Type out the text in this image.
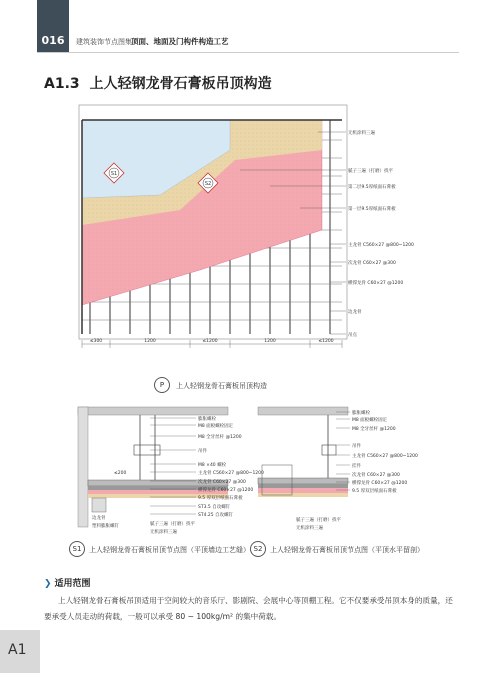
016	建筑装饰节点图集 顶面、地面及门构件构造工艺
A1.3 上人轻钢龙骨石膏板吊顶构造
S1
S2
无机涂料三遍
腻子三遍（打磨）找平
第二层9.5厚纸面石膏板
第一层9.5厚纸面石膏板
主龙骨 C560×27 @800~1200
次龙骨 C60×27 @300
横撑龙骨 C60×27 @1200
边龙骨
吊点
≤300	1200	≤1200	1200	≤1200
膨胀螺栓
M8 面板螺栓固定
M8 全牙丝杆 @1200
吊件
M8 ×40 螺栓
主龙骨 C560×27 @800~1200
次龙骨 C60×27 @300
横撑龙骨 C60×27 @1200
9.5 厚双层纸面石膏板
ST3.5 自攻螺钉
ST4.25 自攻螺钉
腻子三遍（打磨）找平
无机涂料三遍
边龙骨
塑料膨胀螺钉
≤200
膨胀螺栓
M8 面板螺栓固定
M8 全牙丝杆 @1200
吊件
主龙骨 C560×27 @800~1200
挂件
次龙骨 C60×27 @300
横撑龙骨 C60×27 @1200
9.5 厚双层纸面石膏板
腻子三遍（打磨）找平
无机涂料三遍
P	上人轻钢龙骨石膏板吊顶构造
S1	上人轻钢龙骨石膏板吊顶节点图（平顶墙边工艺缝） S2	上人轻钢龙骨石膏板吊顶节点图（平顶水平留剖）
❯ 适用范围
上人轻钢龙骨石膏板吊顶适用于空间较大的音乐厅、影剧院、会展中心等顶棚工程。它不仅要承受吊顶本身的质量，还要承受人员走动的荷载，一般可以承受 80 ~ 100kg/m² 的集中荷载。
A1
